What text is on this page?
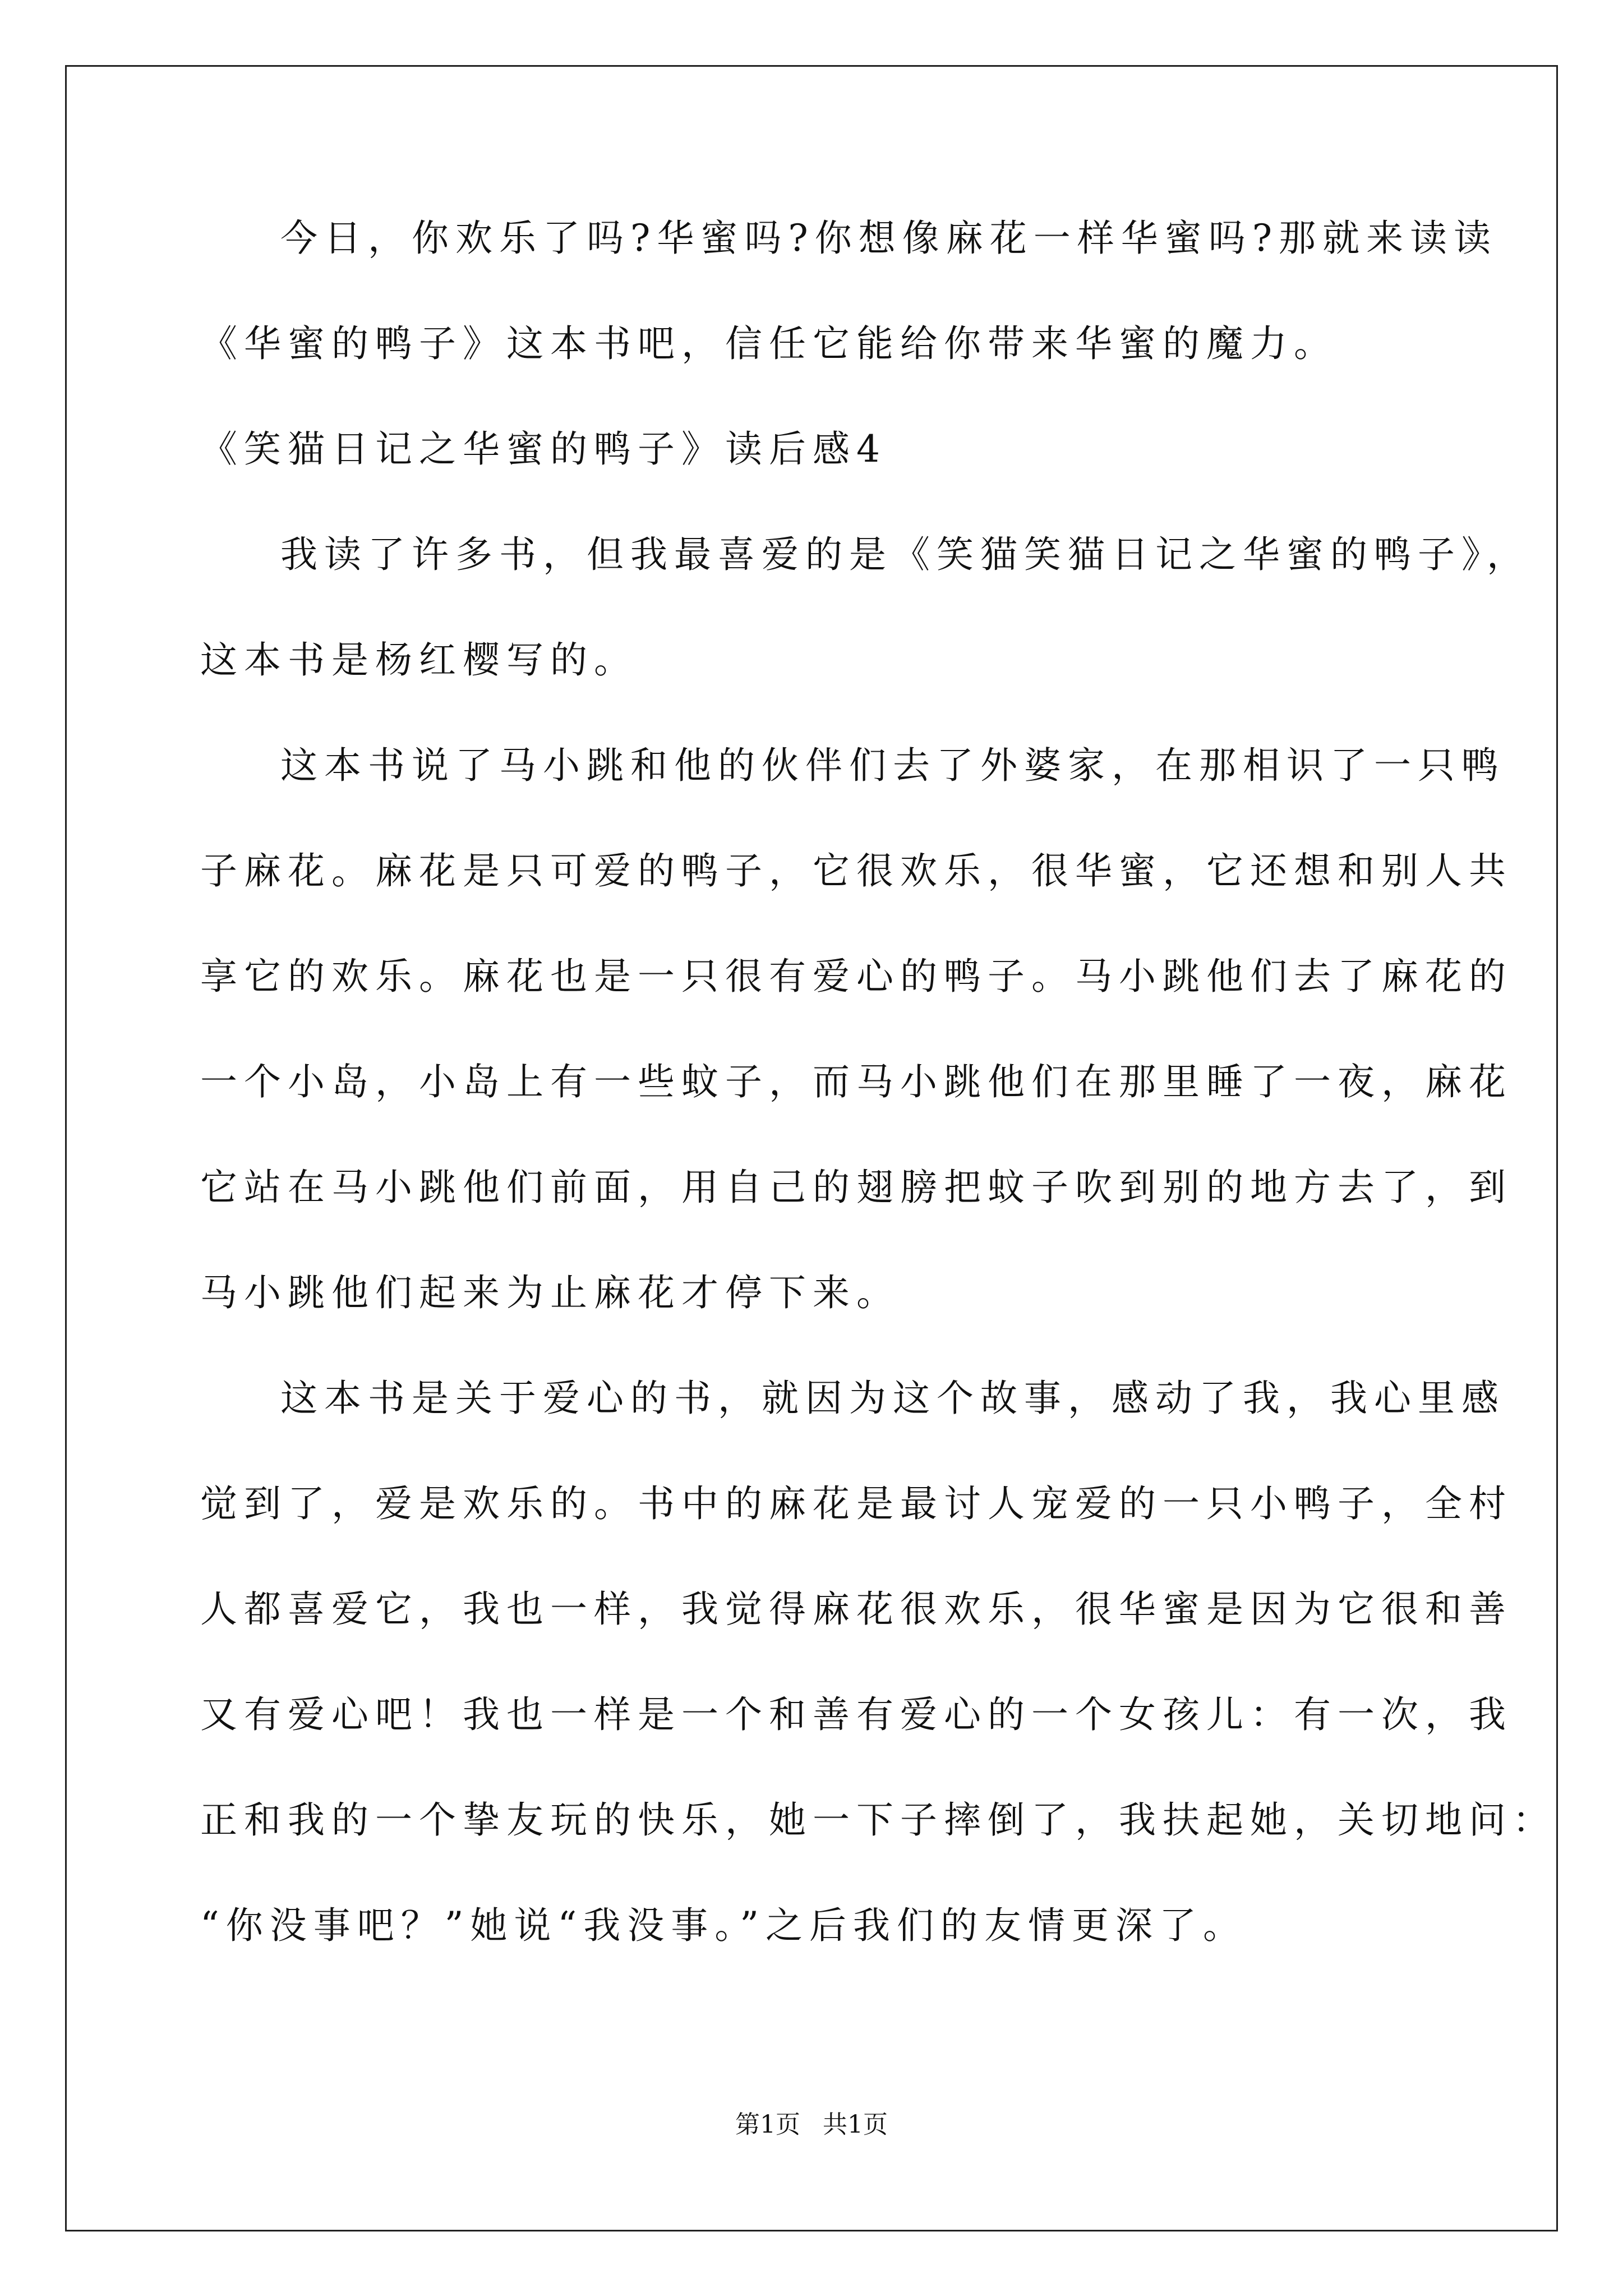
今日，你欢乐了吗?华蜜吗?你想像麻花一样华蜜吗?那就来读读
《华蜜的鸭子》这本书吧，信任它能给你带来华蜜的魔力。
《笑猫日记之华蜜的鸭子》读后感4
我读了许多书，但我最喜爱的是《笑猫笑猫日记之华蜜的鸭子》，
这本书是杨红樱写的。
这本书说了马小跳和他的伙伴们去了外婆家，在那相识了一只鸭
子麻花。麻花是只可爱的鸭子，它很欢乐，很华蜜，它还想和别人共
享它的欢乐。麻花也是一只很有爱心的鸭子。马小跳他们去了麻花的
一个小岛，小岛上有一些蚊子，而马小跳他们在那里睡了一夜，麻花
它站在马小跳他们前面，用自己的翅膀把蚊子吹到别的地方去了，到
马小跳他们起来为止麻花才停下来。
这本书是关于爱心的书，就因为这个故事，感动了我，我心里感
觉到了，爱是欢乐的。书中的麻花是最讨人宠爱的一只小鸭子，全村
人都喜爱它，我也一样，我觉得麻花很欢乐，很华蜜是因为它很和善
又有爱心吧！我也一样是一个和善有爱心的一个女孩儿：有一次，我
正和我的一个挚友玩的快乐，她一下子摔倒了，我扶起她，关切地问：
“你没事吧？”她说“我没事。”之后我们的友情更深了。
第1页 共1页
